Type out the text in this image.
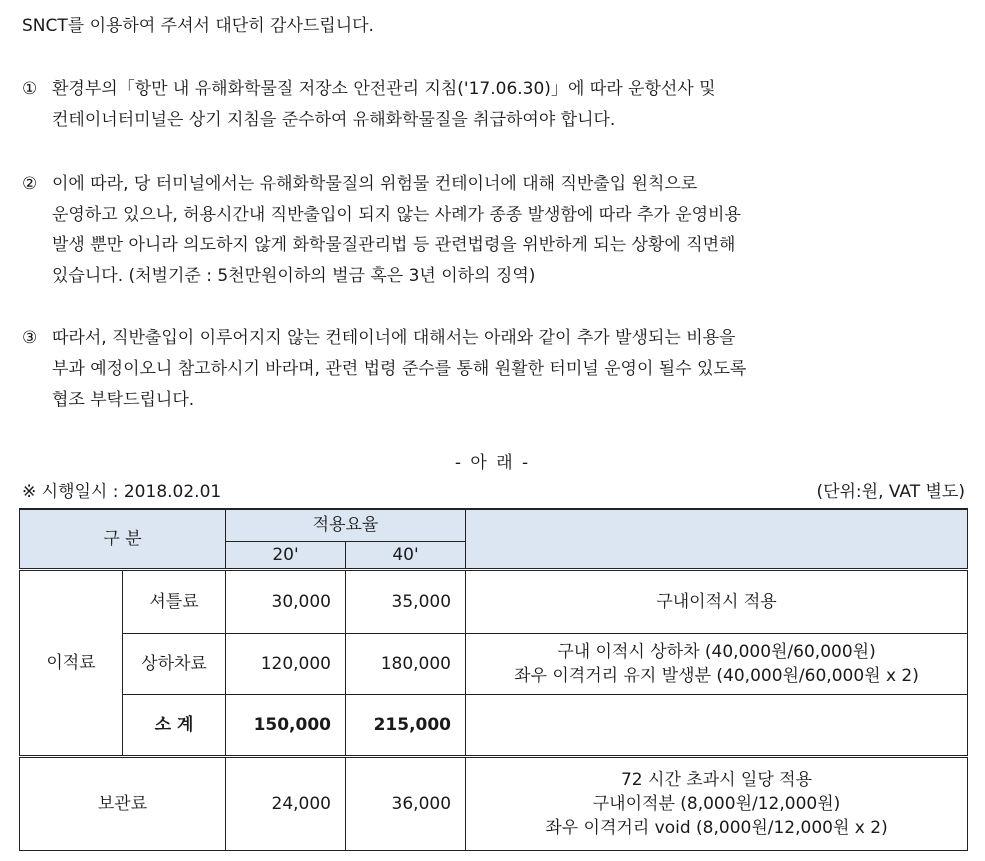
SNCT를 이용하여 주셔서 대단히 감사드립니다.

① 환경부의「항만 내 유해화학물질 저장소 안전관리 지침('17.06.30)」에 따라 운항선사 및

컨테이너터미널은 상기 지침을 준수하여 유해화학물질을 취급하여야 합니다.

② 이에 따라, 당 터미널에서는 유해화학물질의 위험물 컨테이너에 대해 직반출입 원칙으로

운영하고 있으나, 허용시간내 직반출입이 되지 않는 사례가 종종 발생함에 따라 추가 운영비용

발생 뿐만 아니라 의도하지 않게 화학물질관리법 등 관련법령을 위반하게 되는 상황에 직면해

있습니다. (처벌기준 : 5천만원이하의 벌금 혹은 3년 이하의 징역)

③ 따라서, 직반출입이 이루어지지 않는 컨테이너에 대해서는 아래와 같이 추가 발생되는 비용을

부과 예정이오니 참고하시기 바라며, 관련 법령 준수를 통해 원활한 터미널 운영이 될수 있도록

협조 부탁드립니다.

- 아 래 -
※ 시행일시 : 2018.02.01	(단위:원, VAT 별도)
구 분		적용요율		
		20'	40'	
이적료	셔틀료	30,000	35,000	구내이적시 적용

	상하차료	120,000	180,000	구내 이적시 상하차 (40,000원/60,000원)
좌우 이격거리 유지 발생분 (40,000원/60,000원 x 2)

	소 계	150,000	215,000	
보관료		24,000	36,000	72 시간 초과시 일당 적용
구내이적분 (8,000원/12,000원)
좌우 이격거리 void (8,000원/12,000원 x 2)
